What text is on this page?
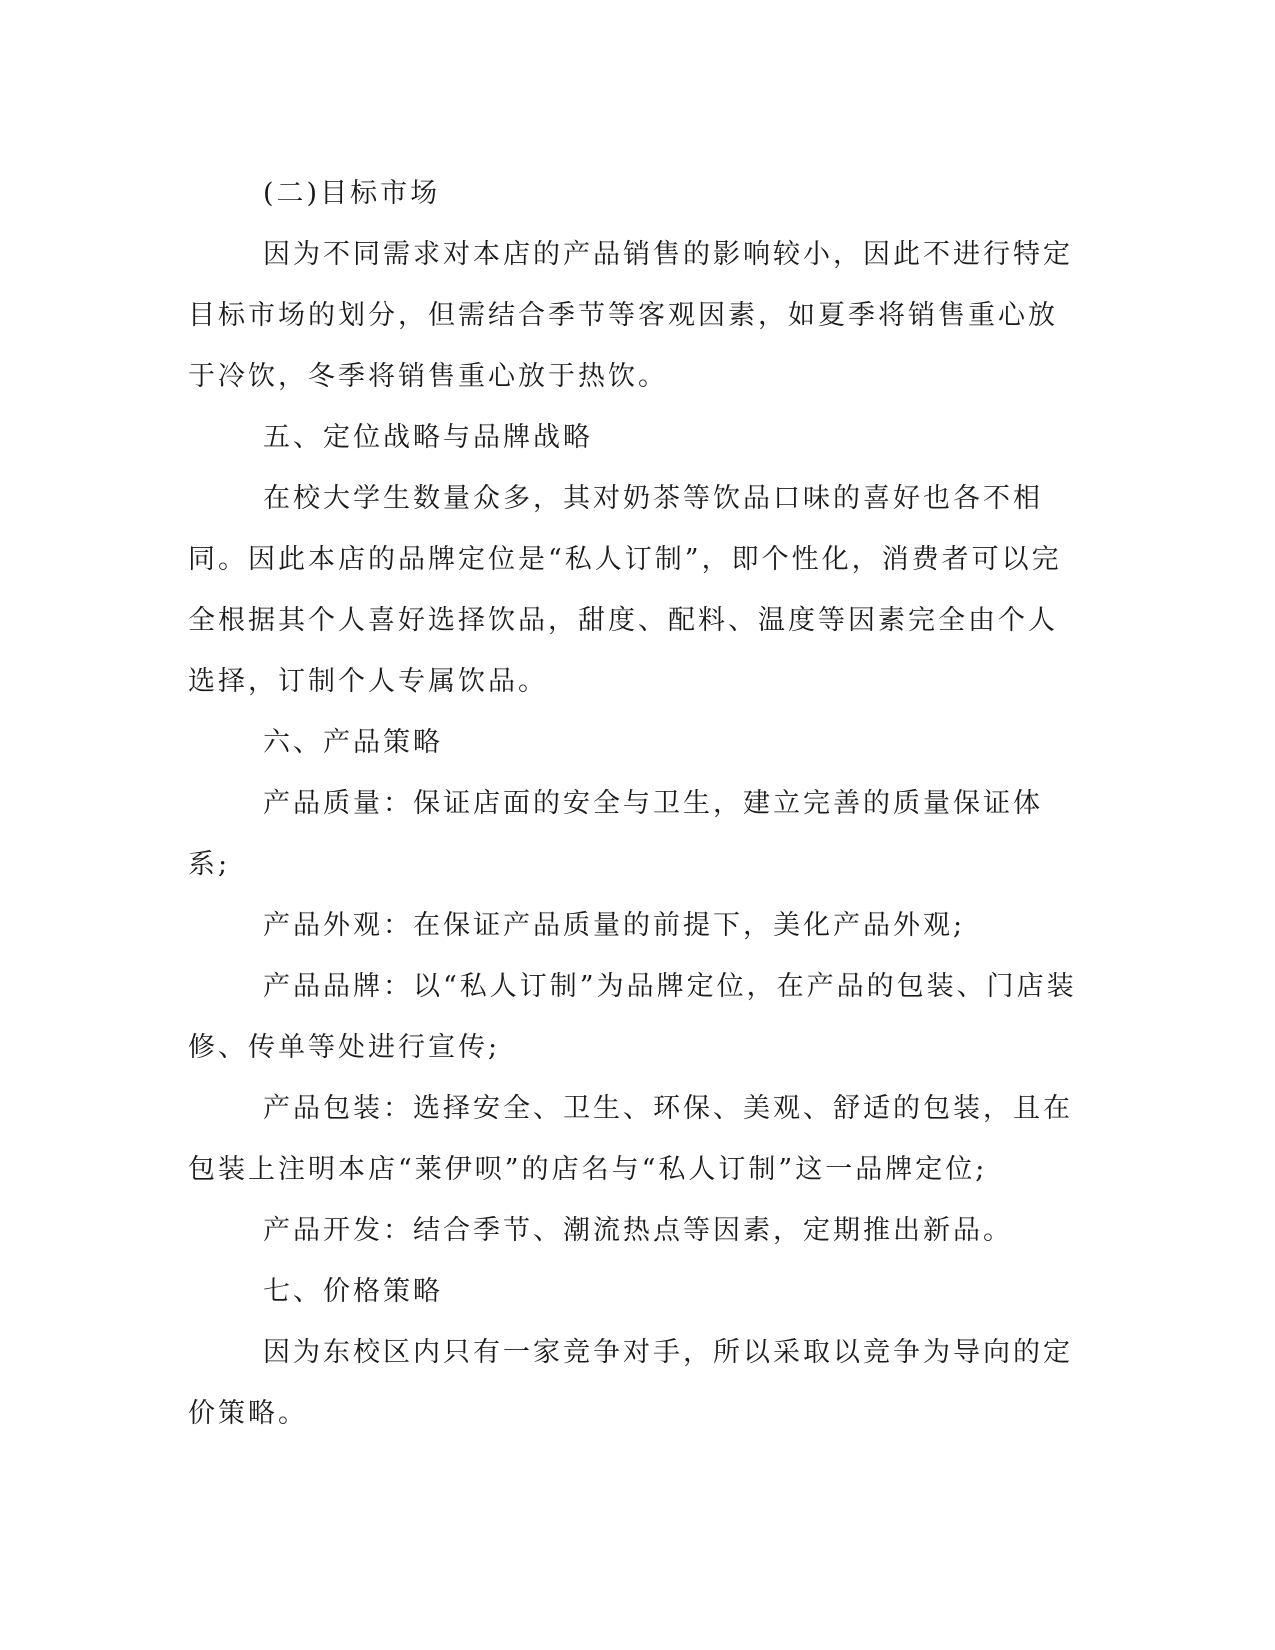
(二)目标市场

因为不同需求对本店的产品销售的影响较小，因此不进行特定目标市场的划分，但需结合季节等客观因素，如夏季将销售重心放于冷饮，冬季将销售重心放于热饮。

五、定位战略与品牌战略

在校大学生数量众多，其对奶茶等饮品口味的喜好也各不相同。因此本店的品牌定位是“私人订制”，即个性化，消费者可以完全根据其个人喜好选择饮品，甜度、配料、温度等因素完全由个人选择，订制个人专属饮品。

六、产品策略

产品质量：保证店面的安全与卫生，建立完善的质量保证体系;

产品外观：在保证产品质量的前提下，美化产品外观;

产品品牌：以“私人订制”为品牌定位，在产品的包装、门店装修、传单等处进行宣传;

产品包装：选择安全、卫生、环保、美观、舒适的包装，且在包装上注明本店“莱伊呗”的店名与“私人订制”这一品牌定位;

产品开发：结合季节、潮流热点等因素，定期推出新品。

七、价格策略

因为东校区内只有一家竞争对手，所以采取以竞争为导向的定价策略。
